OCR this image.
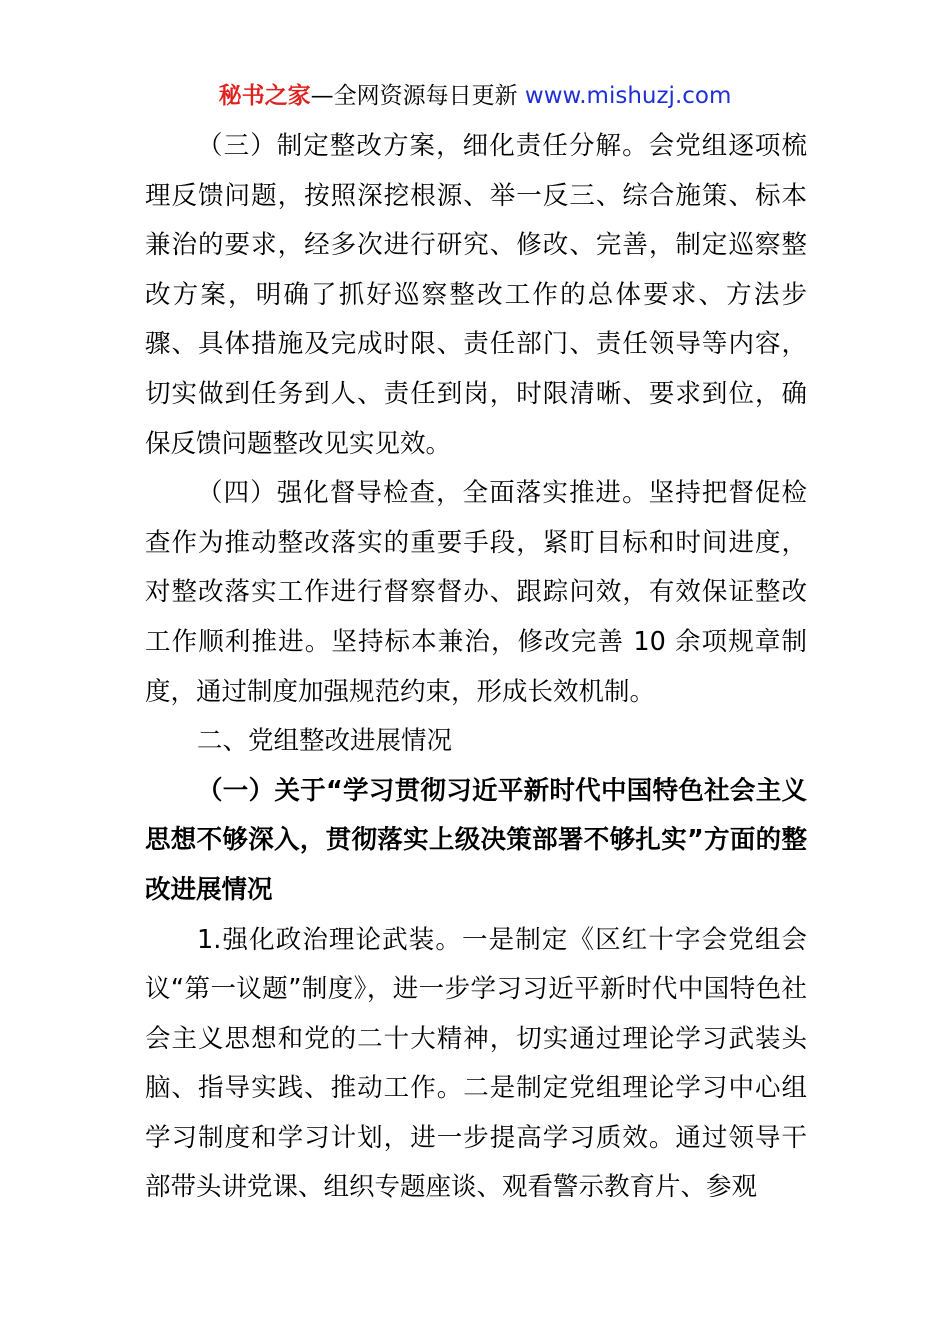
秘书之家—全网资源每日更新 www.mishuzj.com

（三）制定整改方案，细化责任分解。会党组逐项梳理反馈问题，按照深挖根源、举一反三、综合施策、标本兼治的要求，经多次进行研究、修改、完善，制定巡察整改方案，明确了抓好巡察整改工作的总体要求、方法步骤、具体措施及完成时限、责任部门、责任领导等内容，切实做到任务到人、责任到岗，时限清晰、要求到位，确保反馈问题整改见实见效。

（四）强化督导检查，全面落实推进。坚持把督促检查作为推动整改落实的重要手段，紧盯目标和时间进度，对整改落实工作进行督察督办、跟踪问效，有效保证整改工作顺利推进。坚持标本兼治，修改完善 10 余项规章制度，通过制度加强规范约束，形成长效机制。

二、党组整改进展情况

（一）关于“学习贯彻习近平新时代中国特色社会主义思想不够深入，贯彻落实上级决策部署不够扎实”方面的整改进展情况

1.强化政治理论武装。一是制定《区红十字会党组会议“第一议题”制度》，进一步学习习近平新时代中国特色社会主义思想和党的二十大精神，切实通过理论学习武装头脑、指导实践、推动工作。二是制定党组理论学习中心组学习制度和学习计划，进一步提高学习质效。通过领导干部带头讲党课、组织专题座谈、观看警示教育片、参观
